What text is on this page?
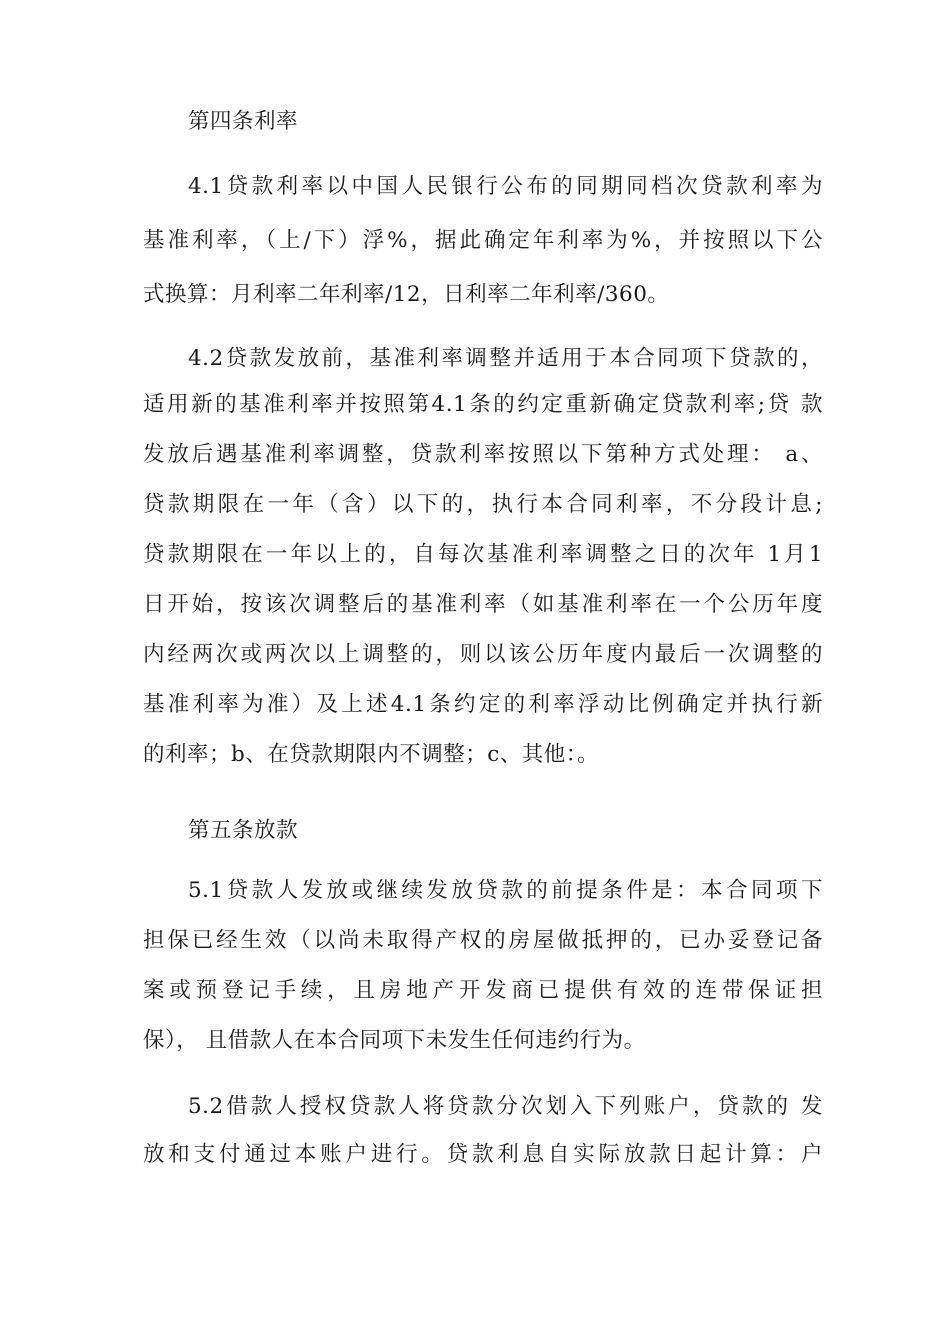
第四条利率
4.1贷款利率以中国人民银行公布的同期同档次贷款利率为
基准利率，（上/下）浮%，据此确定年利率为%，并按照以下公
式换算：月利率二年利率/12，日利率二年利率/360。
4.2贷款发放前，基准利率调整并适用于本合同项下贷款的，
适用新的基准利率并按照第4.1条的约定重新确定贷款利率;贷 款
发放后遇基准利率调整，贷款利率按照以下第种方式处理： a、
贷款期限在一年（含）以下的，执行本合同利率，不分段计息;
贷款期限在一年以上的，自每次基准利率调整之日的次年 1月1
日开始，按该次调整后的基准利率（如基准利率在一个公历年度
内经两次或两次以上调整的，则以该公历年度内最后一次调整的
基准利率为准）及上述4.1条约定的利率浮动比例确定并执行新
的利率；b、在贷款期限内不调整；c、其他：。
第五条放款
5.1贷款人发放或继续发放贷款的前提条件是：本合同项下
担保已经生效（以尚未取得产权的房屋做抵押的，已办妥登记备
案或预登记手续，且房地产开发商已提供有效的连带保证担
保）， 且借款人在本合同项下未发生任何违约行为。
5.2借款人授权贷款人将贷款分次划入下列账户，贷款的 发
放和支付通过本账户进行。贷款利息自实际放款日起计算：户
